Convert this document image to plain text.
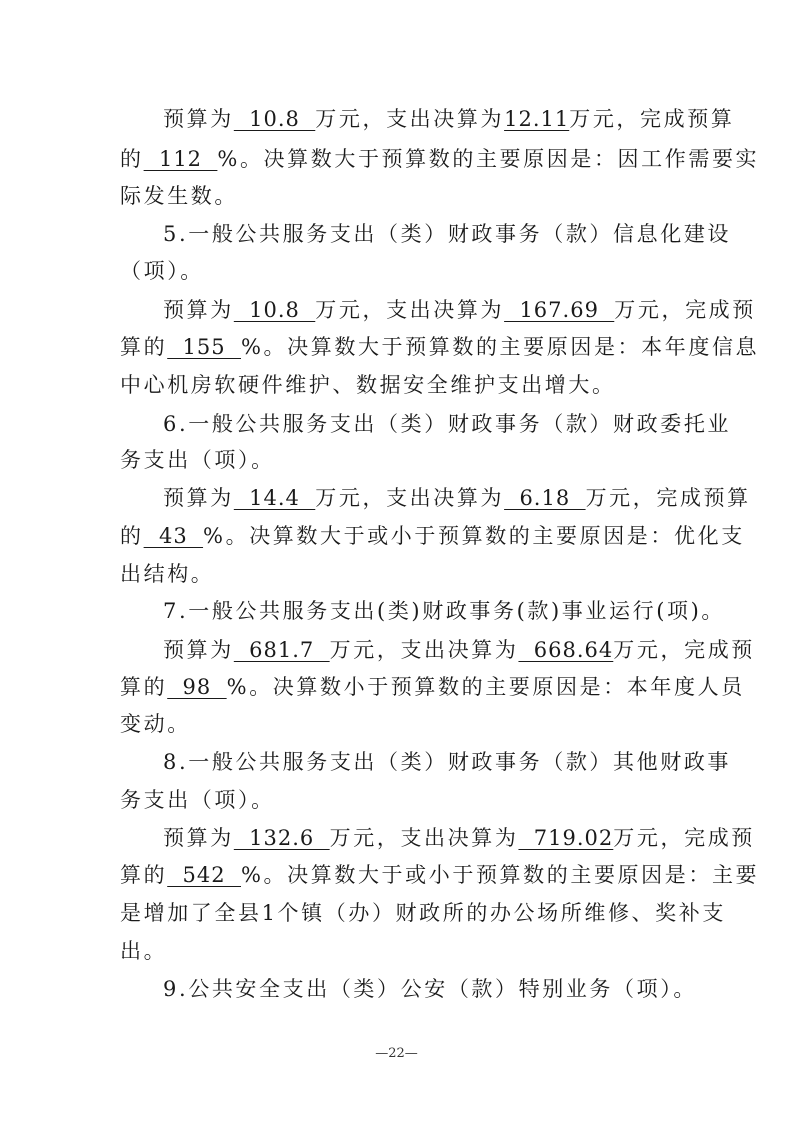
预算为  10.8  万元，支出决算为12.11万元，完成预算
的  112  %。决算数大于预算数的主要原因是：因工作需要实
际发生数。
5.一般公共服务支出（类）财政事务（款）信息化建设
（项）。
预算为  10.8  万元，支出决算为  167.69  万元，完成预
算的  155  %。决算数大于预算数的主要原因是：本年度信息
中心机房软硬件维护、数据安全维护支出增大。
6.一般公共服务支出（类）财政事务（款）财政委托业
务支出（项）。
预算为  14.4  万元，支出决算为  6.18  万元，完成预算
的  43  %。决算数大于或小于预算数的主要原因是：优化支
出结构。
7.一般公共服务支出(类)财政事务(款)事业运行(项)。
预算为  681.7  万元，支出决算为  668.64万元，完成预
算的  98  %。决算数小于预算数的主要原因是：本年度人员
变动。
8.一般公共服务支出（类）财政事务（款）其他财政事
务支出（项）。
预算为  132.6  万元，支出决算为  719.02万元，完成预
算的  542  %。决算数大于或小于预算数的主要原因是：主要
是增加了全县1个镇（办）财政所的办公场所维修、奖补支
出。
9.公共安全支出（类）公安（款）特别业务（项）。
—22—
